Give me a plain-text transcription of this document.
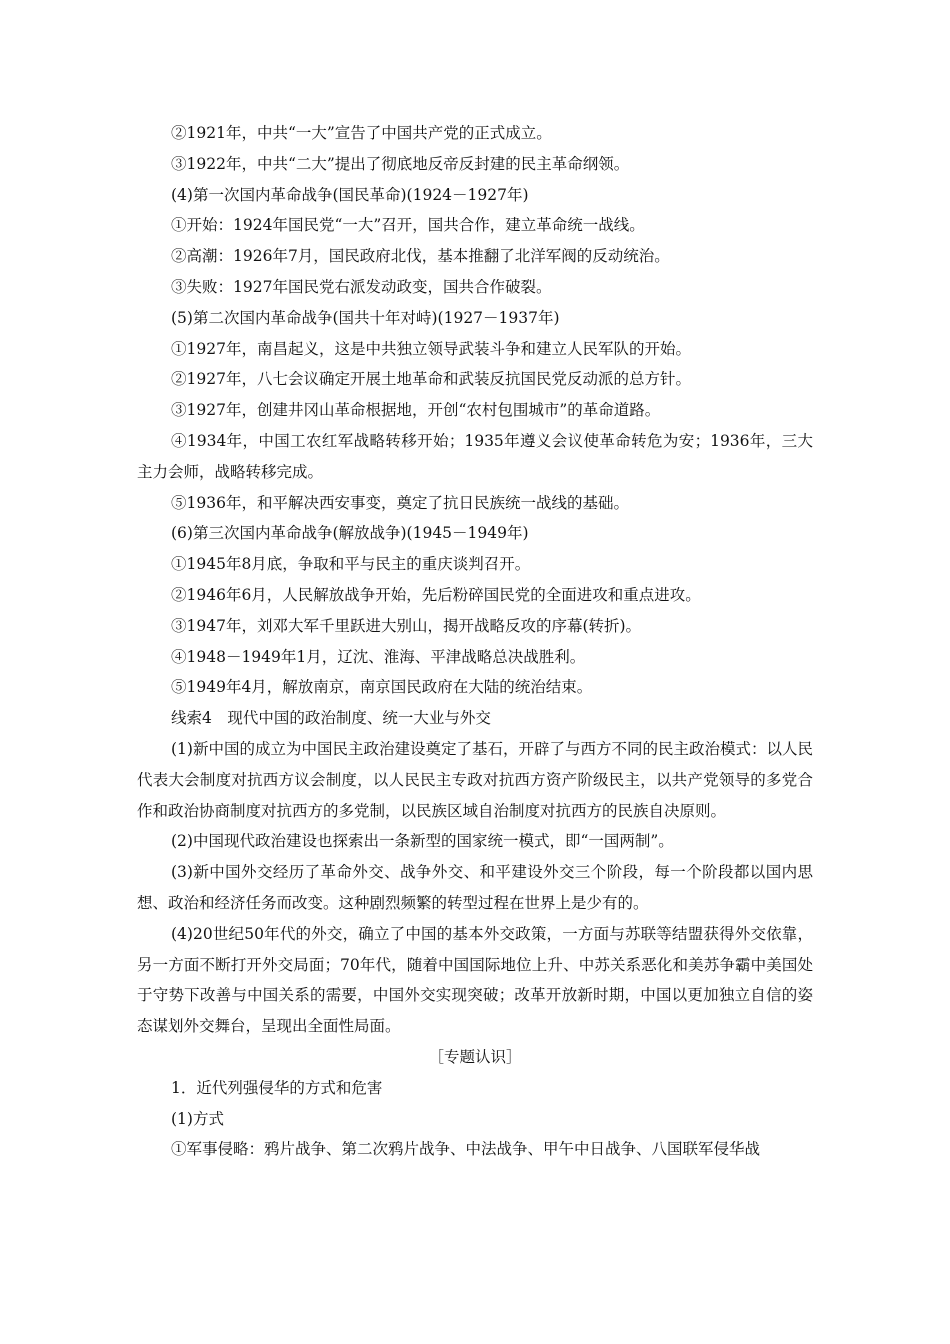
②1921年，中共“一大”宣告了中国共产党的正式成立。
③1922年，中共“二大”提出了彻底地反帝反封建的民主革命纲领。
(4)第一次国内革命战争(国民革命)(1924－1927年)
①开始：1924年国民党“一大”召开，国共合作，建立革命统一战线。
②高潮：1926年7月，国民政府北伐，基本推翻了北洋军阀的反动统治。
③失败：1927年国民党右派发动政变，国共合作破裂。
(5)第二次国内革命战争(国共十年对峙)(1927－1937年)
①1927年，南昌起义，这是中共独立领导武装斗争和建立人民军队的开始。
②1927年，八七会议确定开展土地革命和武装反抗国民党反动派的总方针。
③1927年，创建井冈山革命根据地，开创“农村包围城市”的革命道路。
④1934年，中国工农红军战略转移开始；1935年遵义会议使革命转危为安；1936年，三大主力会师，战略转移完成。
⑤1936年，和平解决西安事变，奠定了抗日民族统一战线的基础。
(6)第三次国内革命战争(解放战争)(1945－1949年)
①1945年8月底，争取和平与民主的重庆谈判召开。
②1946年6月，人民解放战争开始，先后粉碎国民党的全面进攻和重点进攻。
③1947年，刘邓大军千里跃进大别山，揭开战略反攻的序幕(转折)。
④1948－1949年1月，辽沈、淮海、平津战略总决战胜利。
⑤1949年4月，解放南京，南京国民政府在大陆的统治结束。
线索4　现代中国的政治制度、统一大业与外交
(1)新中国的成立为中国民主政治建设奠定了基石，开辟了与西方不同的民主政治模式：以人民代表大会制度对抗西方议会制度，以人民民主专政对抗西方资产阶级民主，以共产党领导的多党合作和政治协商制度对抗西方的多党制，以民族区域自治制度对抗西方的民族自决原则。
(2)中国现代政治建设也探索出一条新型的国家统一模式，即“一国两制”。
(3)新中国外交经历了革命外交、战争外交、和平建设外交三个阶段，每一个阶段都以国内思想、政治和经济任务而改变。这种剧烈频繁的转型过程在世界上是少有的。
(4)20世纪50年代的外交，确立了中国的基本外交政策，一方面与苏联等结盟获得外交依靠，另一方面不断打开外交局面；70年代，随着中国国际地位上升、中苏关系恶化和美苏争霸中美国处于守势下改善与中国关系的需要，中国外交实现突破；改革开放新时期，中国以更加独立自信的姿态谋划外交舞台，呈现出全面性局面。
［专题认识］
1．近代列强侵华的方式和危害
(1)方式
①军事侵略：鸦片战争、第二次鸦片战争、中法战争、甲午中日战争、八国联军侵华战
